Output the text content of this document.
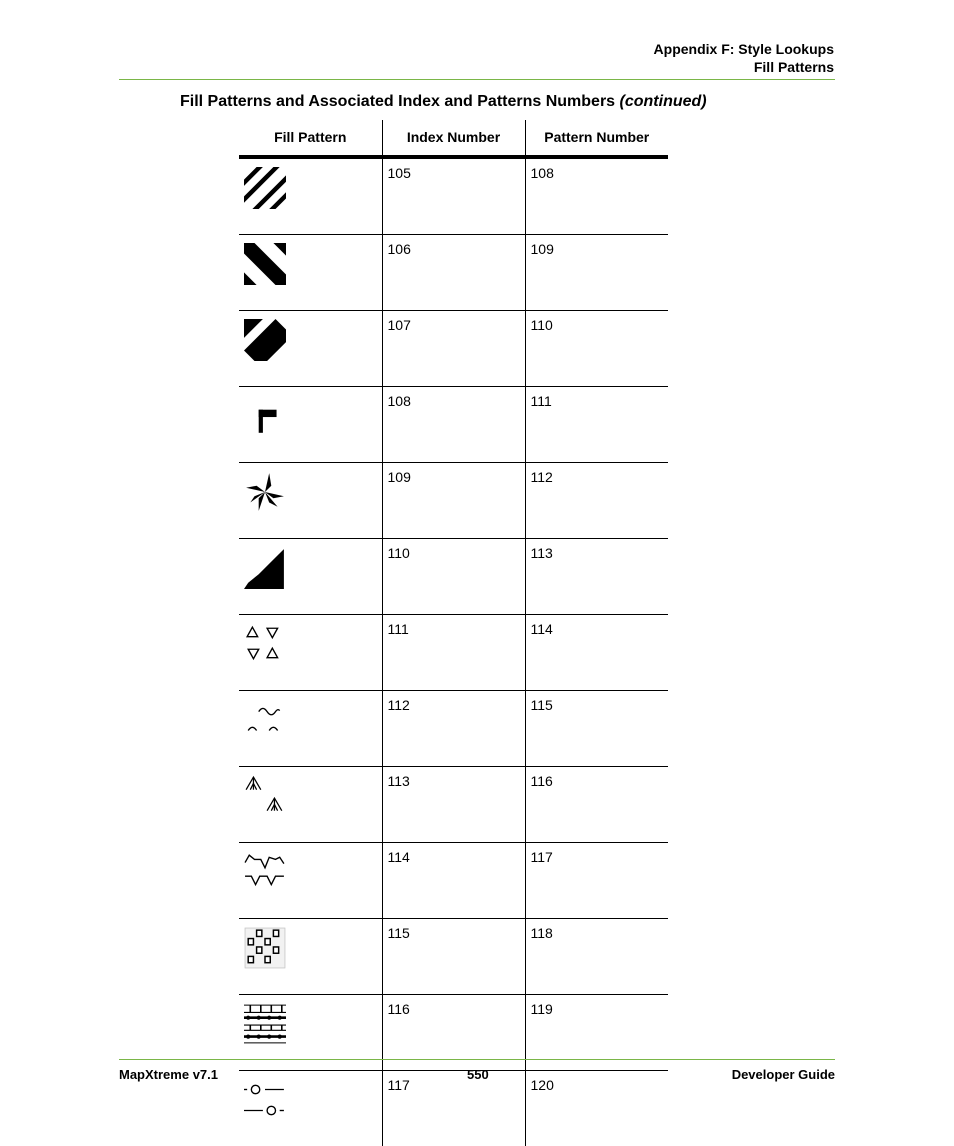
Appendix F: Style Lookups
Fill Patterns
Fill Patterns and Associated Index and Patterns Numbers (continued)
Fill Pattern	Index Number	Pattern Number

	105	108

	106	109

	107	110

	108	111

	109	112

	110	113

	111	114

	112	115

	113	116

	114	117

	115	118

	116	119

	117	120
MapXtreme v7.1	550	Developer Guide
